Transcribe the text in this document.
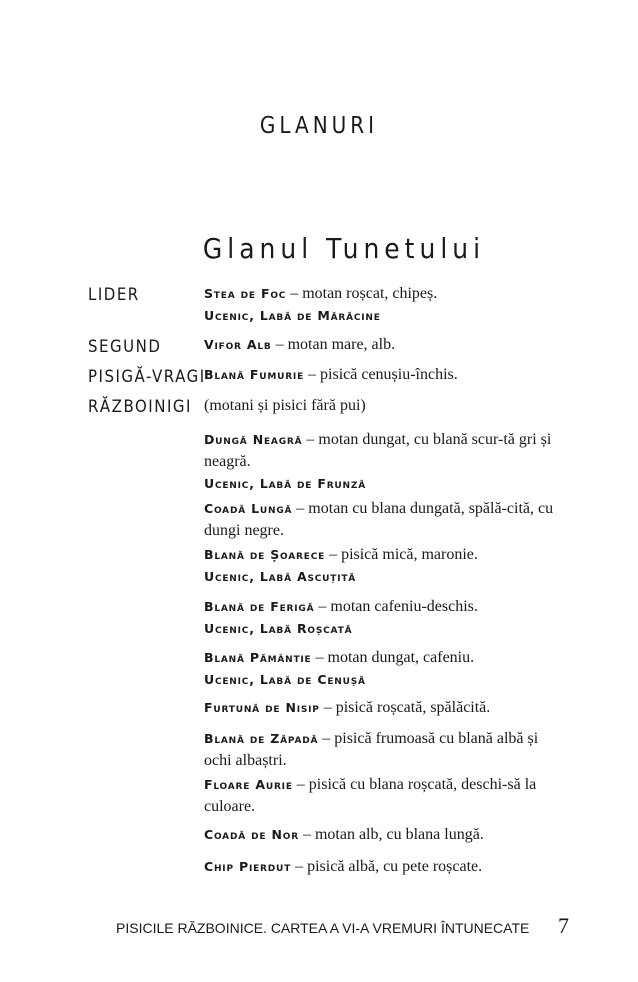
GLANURI
Glanul Tunetului
LIDER
SEGUND
PISIGĂ-VRAGI
RĂZBOINIGI
Stea de Foc – motan roșcat, chipeș.
Ucenic, Labă de Mărăcine
Vifor Alb – motan mare, alb.
Blană Fumurie – pisică cenușiu-închis.
(motani și pisici fără pui)
Dungă Neagră – motan dungat, cu blană scur-tă gri și neagră.
Ucenic, Labă de Frunză
Coadă Lungă – motan cu blana dungată, spălă-cită, cu dungi negre.
Blană de Șoarece – pisică mică, maronie.
Ucenic, Labă Ascuțită
Blană de Ferigă – motan cafeniu-deschis.
Ucenic, Labă Roșcată
Blană Pământie – motan dungat, cafeniu.
Ucenic, Labă de Cenușă
Furtună de Nisip – pisică roșcată, spălăcită.
Blană de Zăpadă – pisică frumoasă cu blană albă și ochi albaștri.
Floare Aurie – pisică cu blana roșcată, deschi-să la culoare.
Coadă de Nor – motan alb, cu blana lungă.
Chip Pierdut – pisică albă, cu pete roșcate.
PISICILE RĂZBOINICE. CARTEA A VI-A VREMURI ÎNTUNECATE 7
